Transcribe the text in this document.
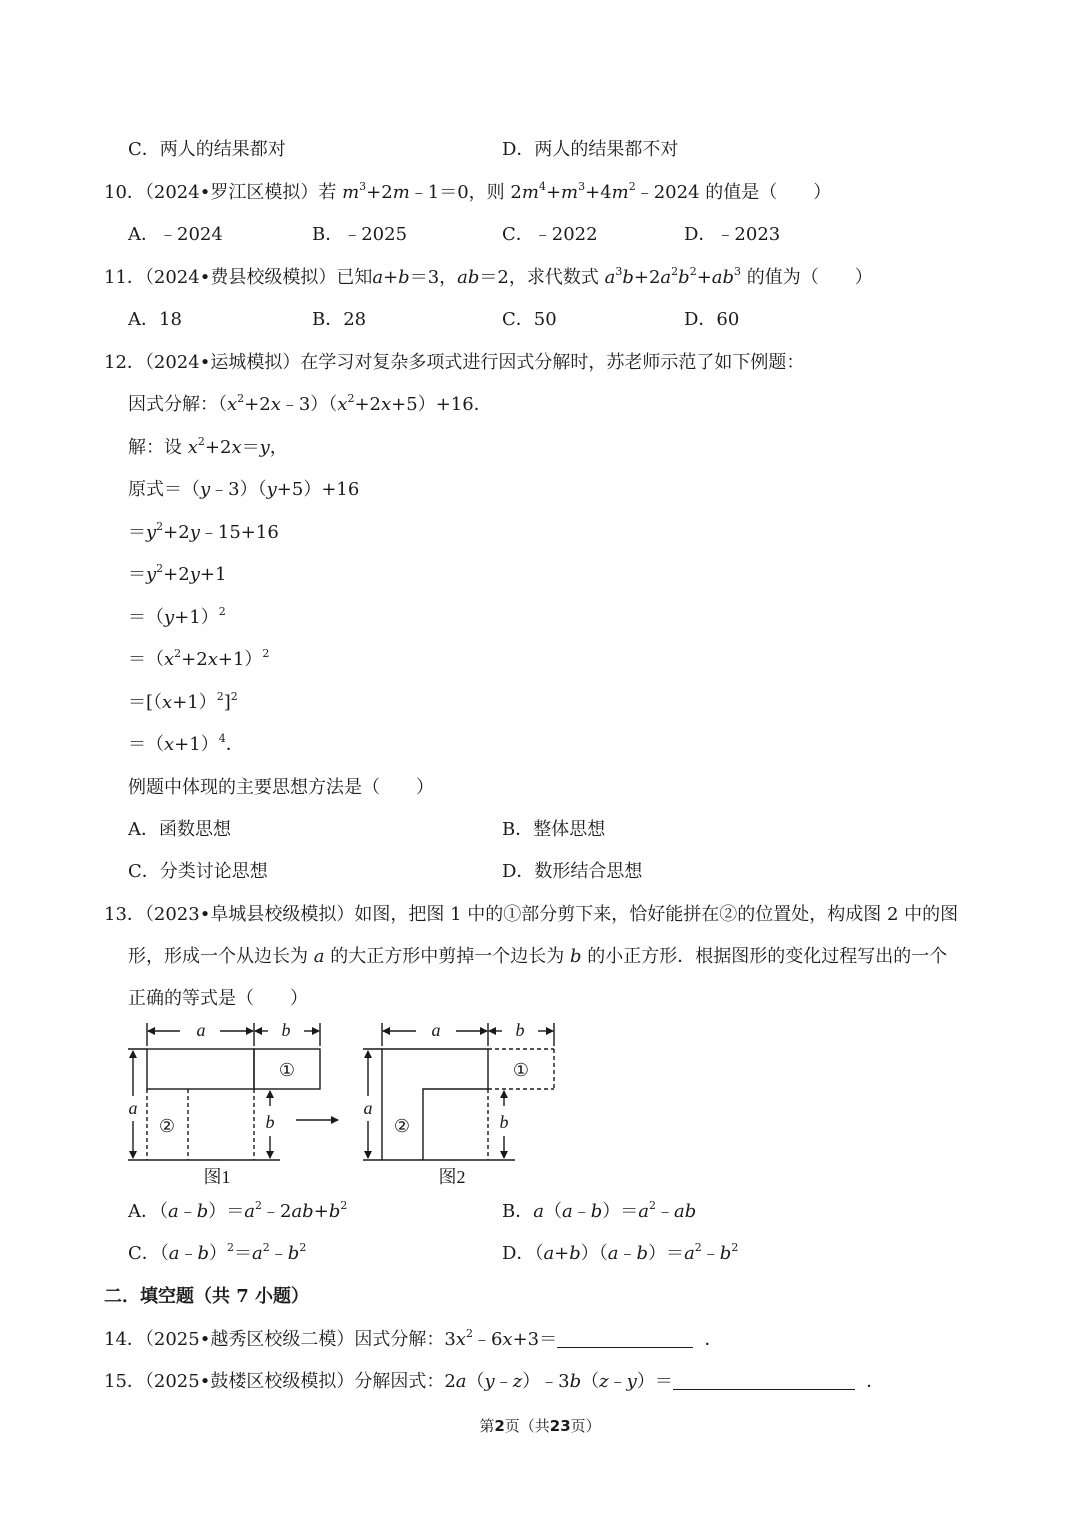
C．两人的结果都对	D．两人的结果都不对
10．（2024•罗江区模拟）若 $m^3+2m﹣1=0$，则 $2m^4+m^3+4m^2﹣2024$ 的值是（　　）
A．﹣2024	B．﹣2025	C．﹣2022	D．﹣2023
11．（2024•费县校级模拟）已知a+b＝3，ab＝2，求代数式 $a^3b+2a^2b^2+ab^3$ 的值为（　　）
A．18	B．28	C．50	D．60
12．（2024•运城模拟）在学习对复杂多项式进行因式分解时，苏老师示范了如下例题：
因式分解：$(x^2+2x﹣3)(x^2+2x+5)+16$．
解：设 $x^2+2x=y$，
原式＝（y﹣3）（y+5）+16
$=y^2+2y﹣15+16$
$=y^2+2y+1$
$=(y+1)^2$
$=(x^2+2x+1)^2$
$=[(x+1)^2]^2$
$=(x+1)^4$．
例题中体现的主要思想方法是（　　）
A．函数思想	B．整体思想
C．分类讨论思想	D．数形结合思想
13．（2023•阜城县校级模拟）如图，把图 1 中的①部分剪下来，恰好能拼在②的位置处，构成图 2 中的图
形，形成一个从边长为 a 的大正方形中剪掉一个边长为 b 的小正方形．根据图形的变化过程写出的一个
正确的等式是（　　）
a	b
a
b
a	b
a
b
①
②
①
②
图1	图2
A．$(a﹣b)=a^2﹣2ab+b^2$	B．$a(a﹣b)=a^2﹣ab$
C．$(a﹣b)^2=a^2﹣b^2$	D．$(a+b)(a﹣b)=a^2﹣b^2$
二．填空题（共 7 小题）
14．（2025•越秀区校级二模）因式分解：$3x^2﹣6x+3=$	．
15．（2025•鼓楼区校级模拟）分解因式：2a（y﹣z）﹣3b（z﹣y）＝	．
第2页（共23页）
